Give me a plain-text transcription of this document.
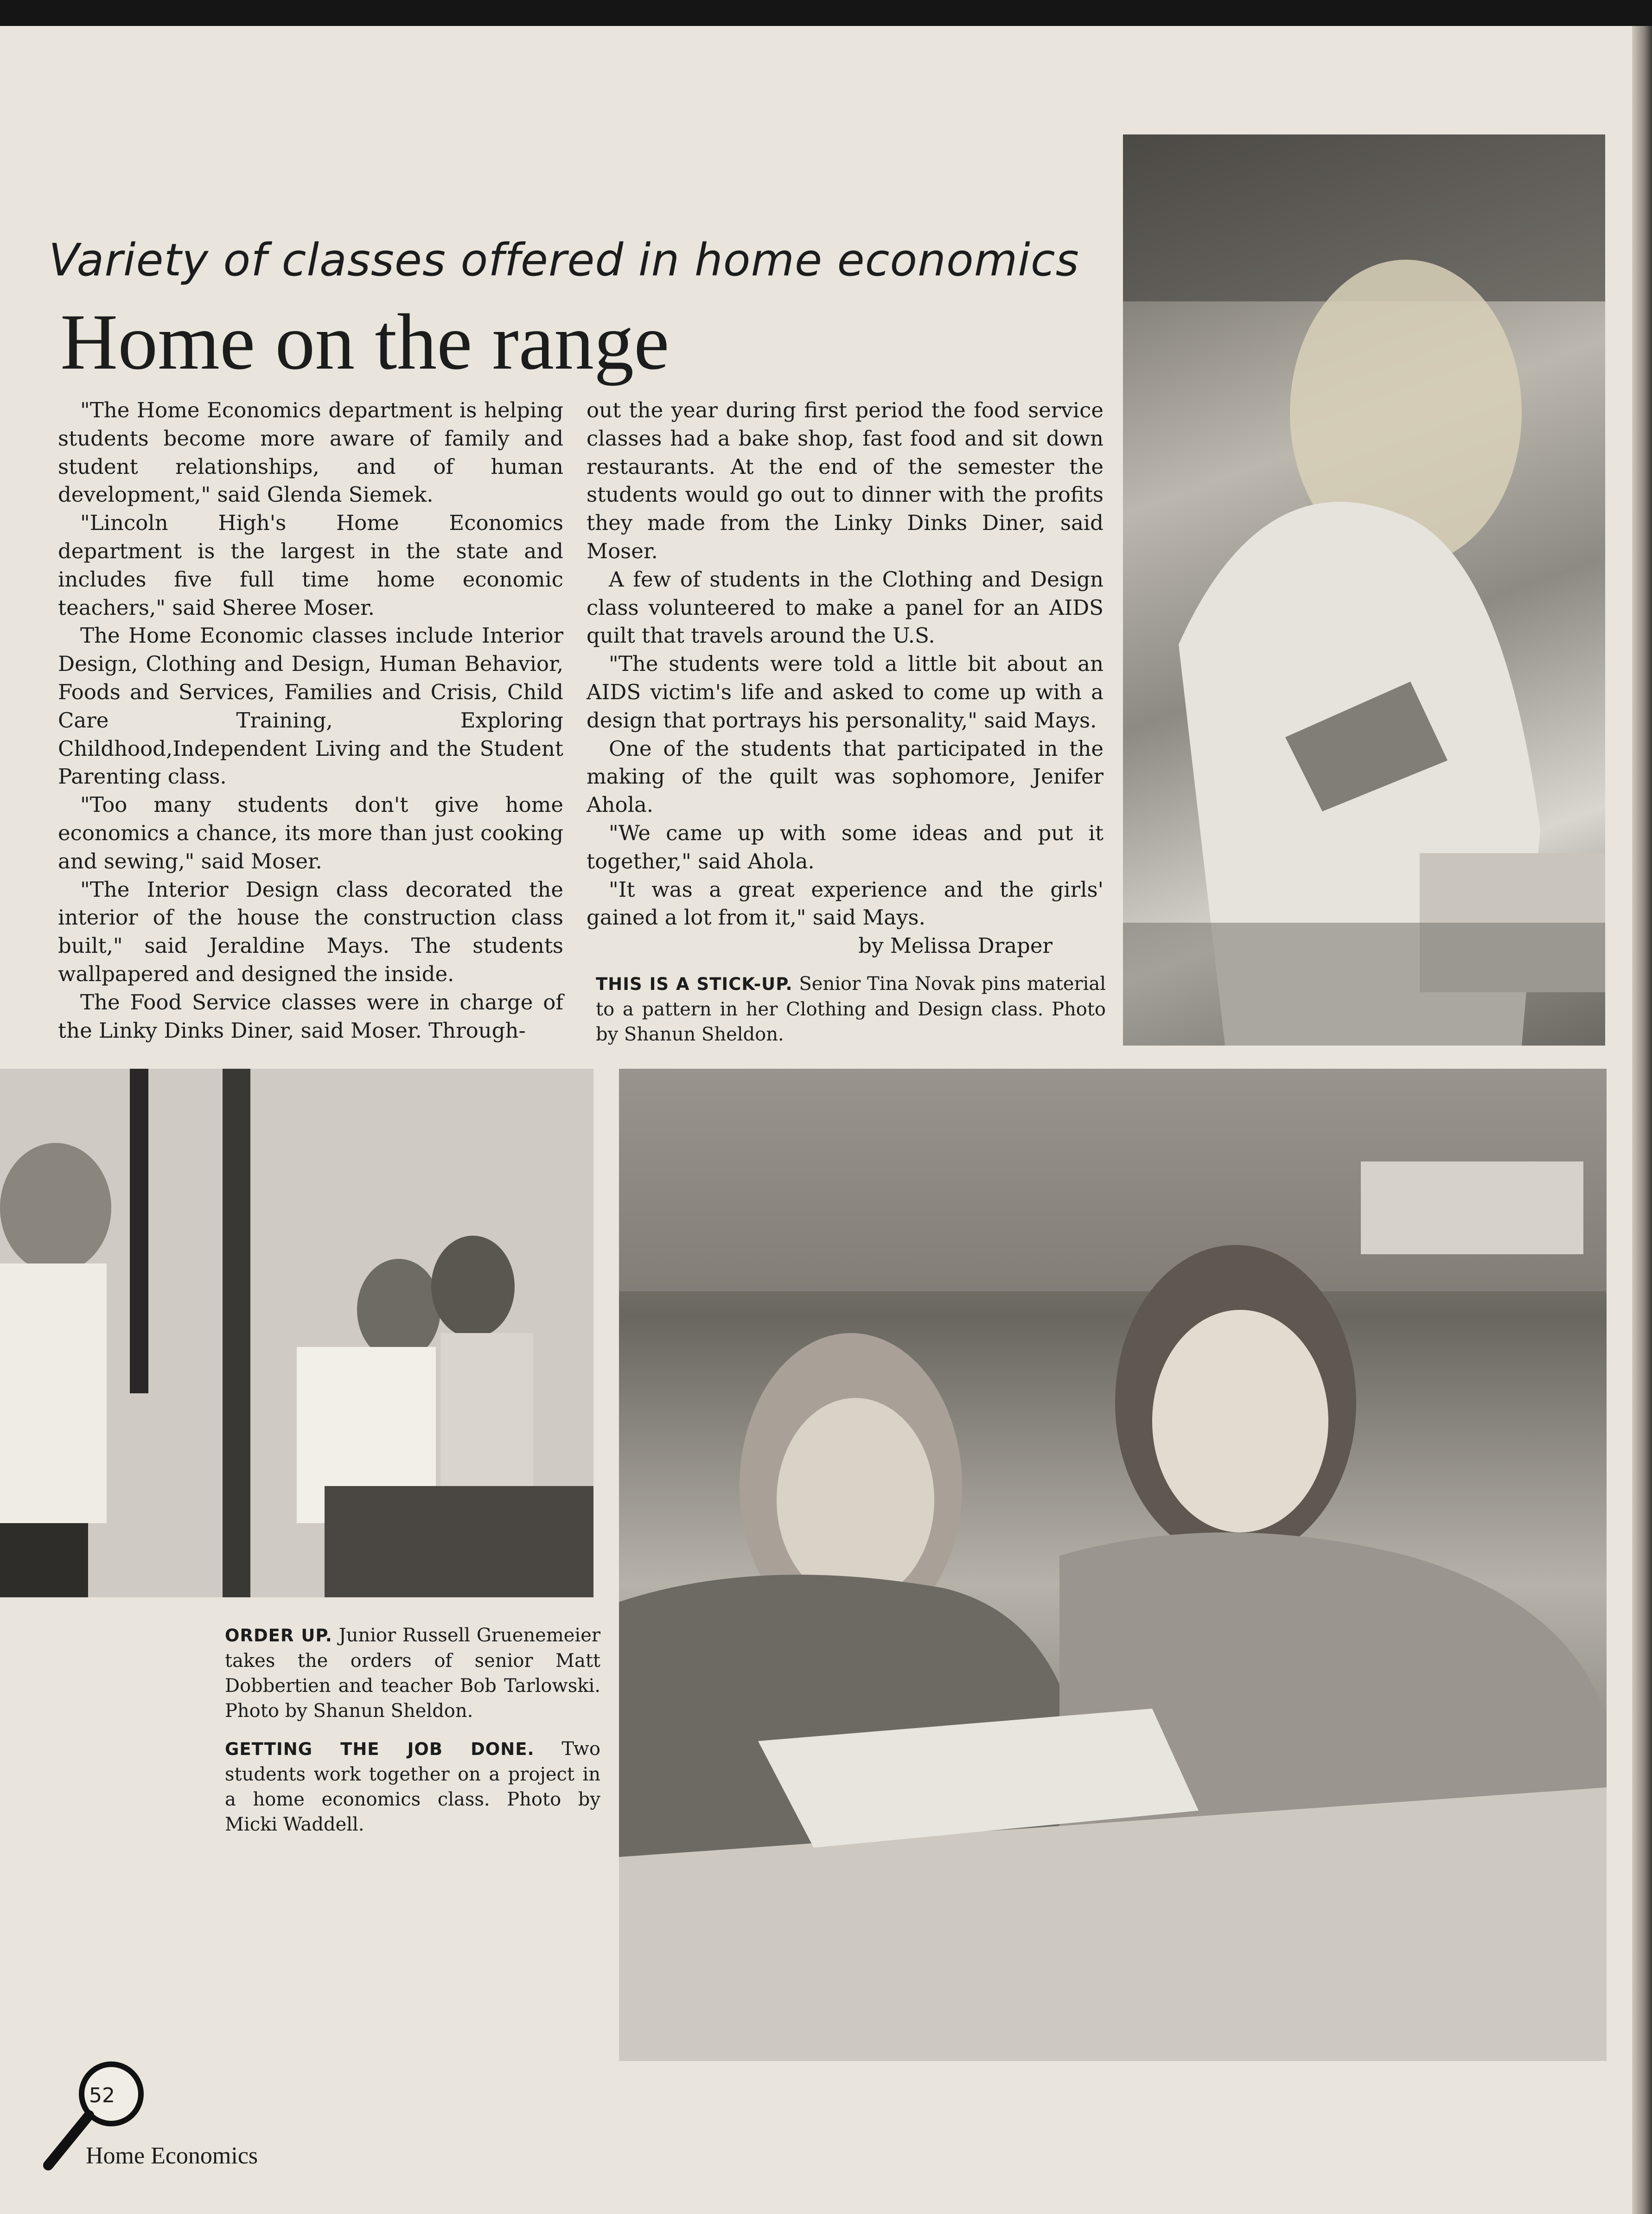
Variety of classes offered in home economics
Home on the range

"The Home Economics department is helping students become more aware of family and student relationships, and of human development," said Glenda Siemek.

"Lincoln High's Home Economics department is the largest in the state and includes five full time home economic teachers," said Sheree Moser.

The Home Economic classes include Interior Design, Clothing and Design, Human Behavior, Foods and Services, Families and Crisis, Child Care Training, Exploring Childhood,Independent Living and the Student Parenting class.

"Too many students don't give home economics a chance, its more than just cooking and sewing," said Moser.

"The Interior Design class decorated the interior of the house the construction class built," said Jeraldine Mays. The students wallpapered and designed the inside.

The Food Service classes were in charge of the Linky Dinks Diner, said Moser. Through-

out the year during first period the food service classes had a bake shop, fast food and sit down restaurants. At the end of the semester the students would go out to dinner with the profits they made from the Linky Dinks Diner, said Moser.

A few of students in the Clothing and Design class volunteered to make a panel for an AIDS quilt that travels around the U.S.

"The students were told a little bit about an AIDS victim's life and asked to come up with a design that portrays his personality," said Mays.

One of the students that participated in the making of the quilt was sophomore, Jenifer Ahola.

"We came up with some ideas and put it together," said Ahola.

"It was a great experience and the girls' gained a lot from it," said Mays.

by Melissa Draper

THIS IS A STICK-UP. Senior Tina Novak pins material to a pattern in her Clothing and Design class. Photo by Shanun Sheldon.
ORDER UP. Junior Russell Gruenemeier takes the orders of senior Matt Dobbertien and teacher Bob Tarlowski. Photo by Shanun Sheldon.
GETTING THE JOB DONE. Two students work together on a project in a home economics class. Photo by Micki Waddell.
52
Home Economics
